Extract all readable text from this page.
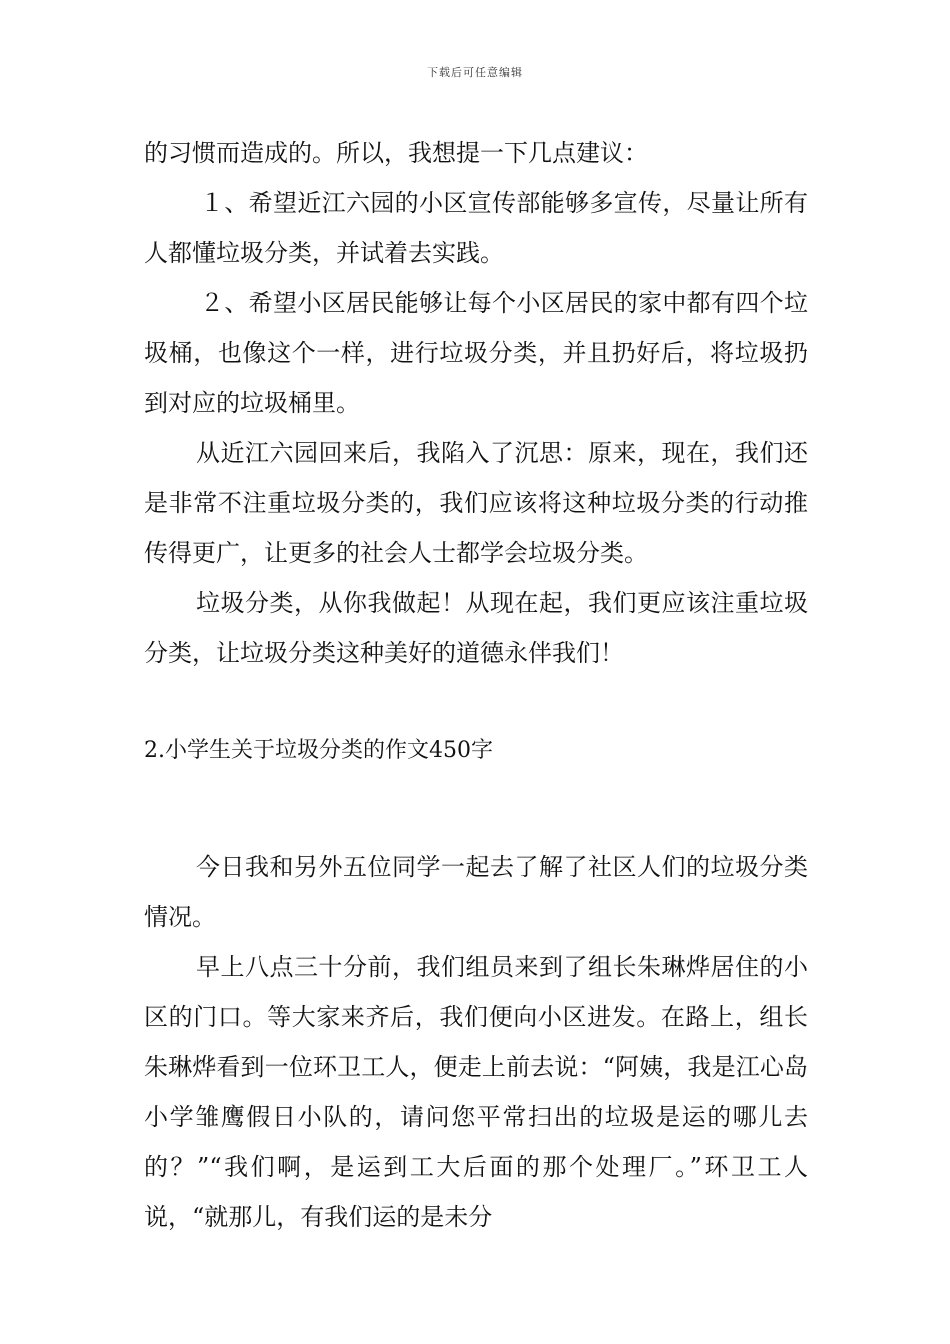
下载后可任意编辑

的习惯而造成的。所以，我想提一下几点建议：

１、希望近江六园的小区宣传部能够多宣传，尽量让所有人都懂垃圾分类，并试着去实践。

２、希望小区居民能够让每个小区居民的家中都有四个垃圾桶，也像这个一样，进行垃圾分类，并且扔好后，将垃圾扔到对应的垃圾桶里。

从近江六园回来后，我陷入了沉思：原来，现在，我们还是非常不注重垃圾分类的，我们应该将这种垃圾分类的行动推传得更广，让更多的社会人士都学会垃圾分类。

垃圾分类，从你我做起！从现在起，我们更应该注重垃圾分类，让垃圾分类这种美好的道德永伴我们！

2.小学生关于垃圾分类的作文450字

今日我和另外五位同学一起去了解了社区人们的垃圾分类情况。

早上八点三十分前，我们组员来到了组长朱琳烨居住的小区的门口。等大家来齐后，我们便向小区进发。在路上，组长朱琳烨看到一位环卫工人，便走上前去说：“阿姨，我是江心岛小学雏鹰假日小队的，请问您平常扫出的垃圾是运的哪儿去的？”“我们啊，是运到工大后面的那个处理厂。”环卫工人说，“就那儿，有我们运的是未分
